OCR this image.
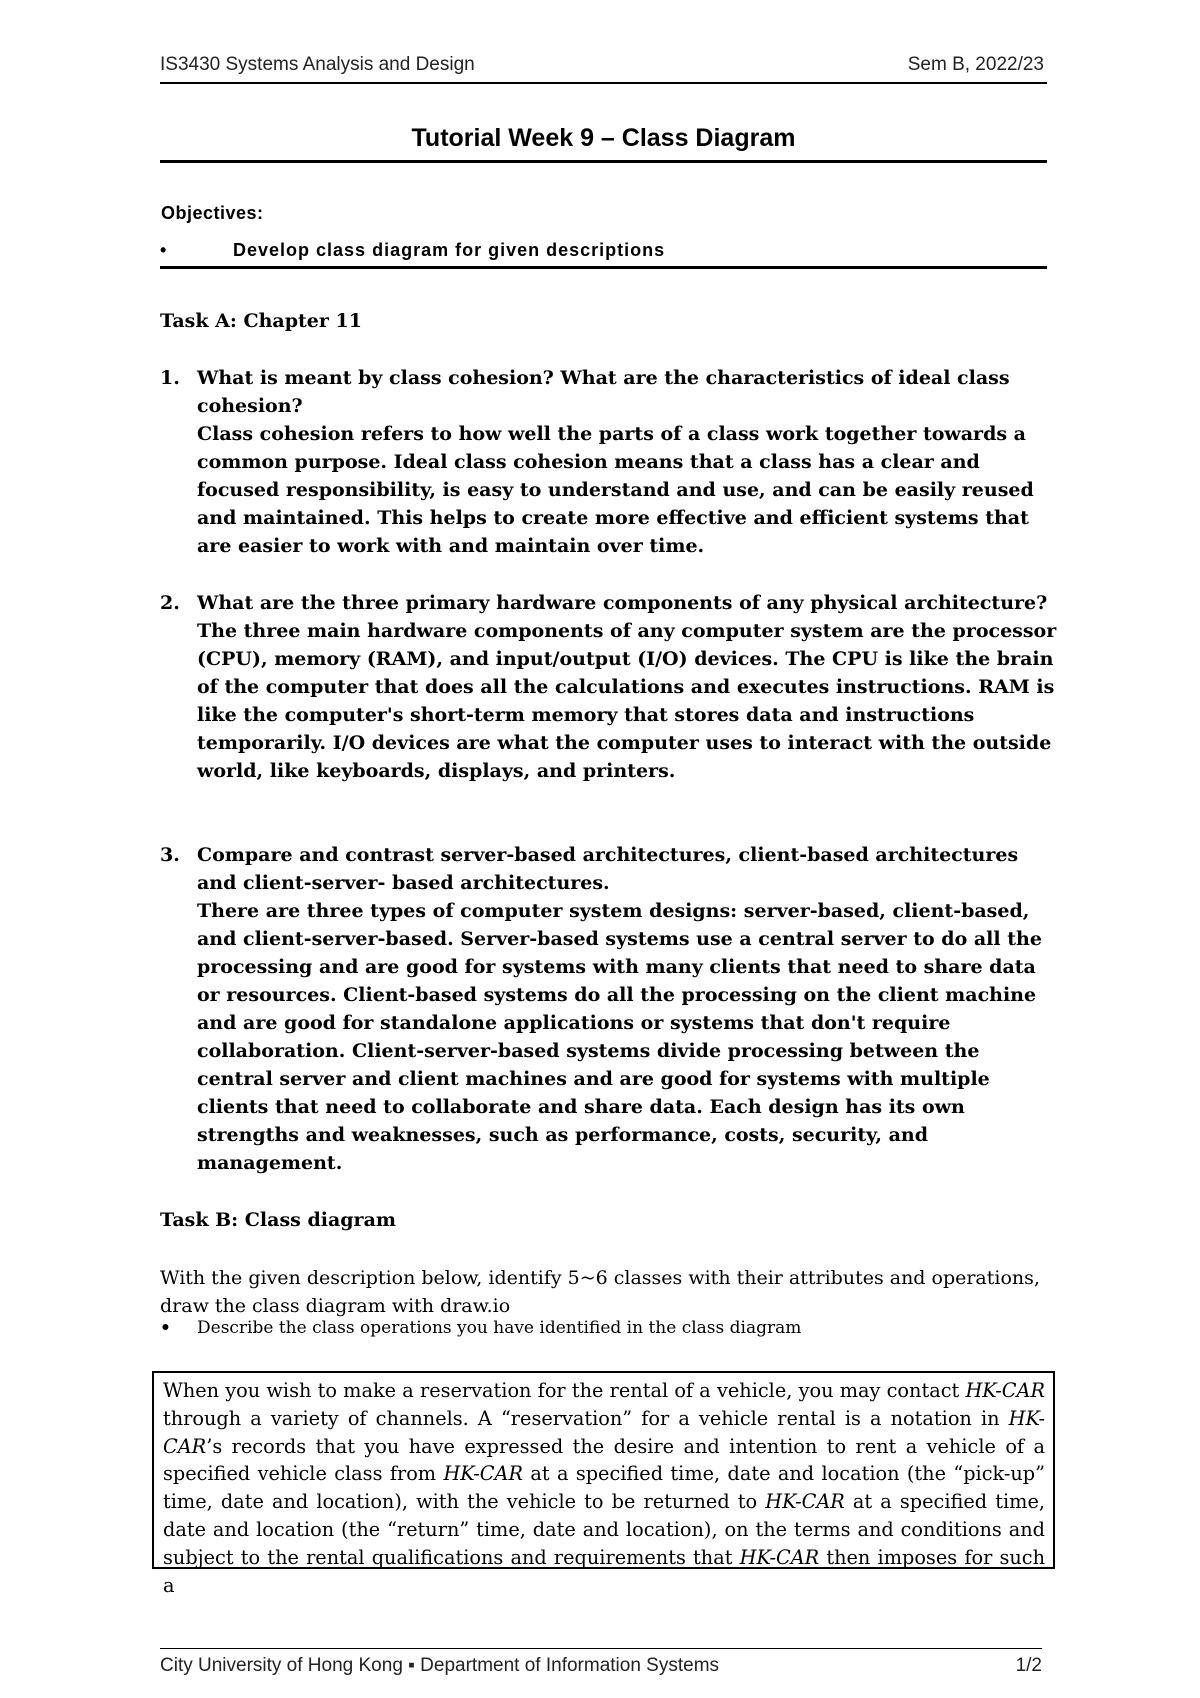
IS3430 Systems Analysis and Design	Sem B, 2022/23
Tutorial Week 9 – Class Diagram
Objectives:
•	Develop class diagram for given descriptions
Task A: Chapter 11
1. What is meant by class cohesion? What are the characteristics of ideal class cohesion?

Class cohesion refers to how well the parts of a class work together towards a common purpose. Ideal class cohesion means that a class has a clear and focused responsibility, is easy to understand and use, and can be easily reused and maintained. This helps to create more effective and efficient systems that are easier to work with and maintain over time.

2. What are the three primary hardware components of any physical architecture?

The three main hardware components of any computer system are the processor (CPU), memory (RAM), and input/output (I/O) devices. The CPU is like the brain of the computer that does all the calculations and executes instructions. RAM is like the computer's short-term memory that stores data and instructions temporarily. I/O devices are what the computer uses to interact with the outside world, like keyboards, displays, and printers.

3. Compare and contrast server-based architectures, client-based architectures and client-server- based architectures.

There are three types of computer system designs: server-based, client-based, and client-server-based. Server-based systems use a central server to do all the processing and are good for systems with many clients that need to share data or resources. Client-based systems do all the processing on the client machine and are good for standalone applications or systems that don't require collaboration. Client-server-based systems divide processing between the central server and client machines and are good for systems with multiple clients that need to collaborate and share data. Each design has its own strengths and weaknesses, such as performance, costs, security, and management.

Task B: Class diagram

With the given description below, identify 5~6 classes with their attributes and operations, draw the class diagram with draw.io

• Describe the class operations you have identified in the class diagram
When you wish to make a reservation for the rental of a vehicle, you may contact HK-CAR through a variety of channels. A “reservation” for a vehicle rental is a notation in HK-CAR’s records that you have expressed the desire and intention to rent a vehicle of a specified vehicle class from HK-CAR at a specified time, date and location (the “pick-up” time, date and location), with the vehicle to be returned to HK-CAR at a specified time, date and location (the “return” time, date and location), on the terms and conditions and subject to the rental qualifications and requirements that HK-CAR then imposes for such a
City University of Hong Kong ▪ Department of Information Systems	1/2
